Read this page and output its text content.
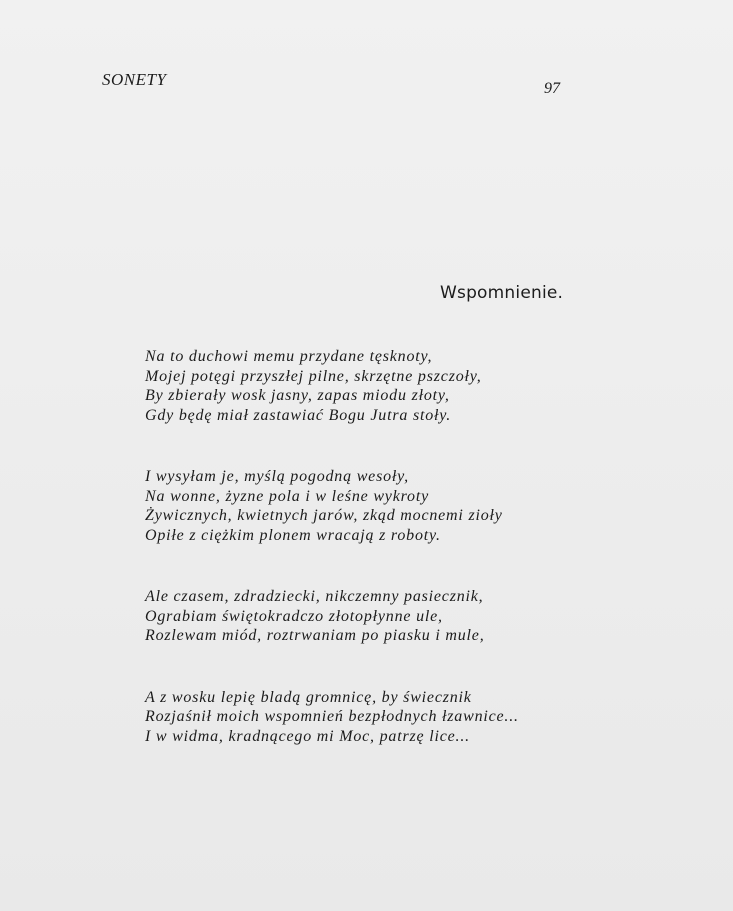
SONETY	97
Wspomnienie.
Na to duchowi memu przydane tęsknoty,
Mojej potęgi przyszłej pilne, skrzętne pszczoły,
By zbierały wosk jasny, zapas miodu złoty,
Gdy będę miał zastawiać Bogu Jutra stoły.
I wysyłam je, myślą pogodną wesoły,
Na wonne, żyzne pola i w leśne wykroty
Żywicznych, kwietnych jarów, zkąd mocnemi zioły
Opiłe z ciężkim plonem wracają z roboty.
Ale czasem, zdradziecki, nikczemny pasiecznik,
Ograbiam świętokradczo złotopłynne ule,
Rozlewam miód, roztrwaniam po piasku i mule,
A z wosku lepię bladą gromnicę, by świecznik
Rozjaśnił moich wspomnień bezpłodnych łzawnice...
I w widma, kradnącego mi Moc, patrzę lice...
